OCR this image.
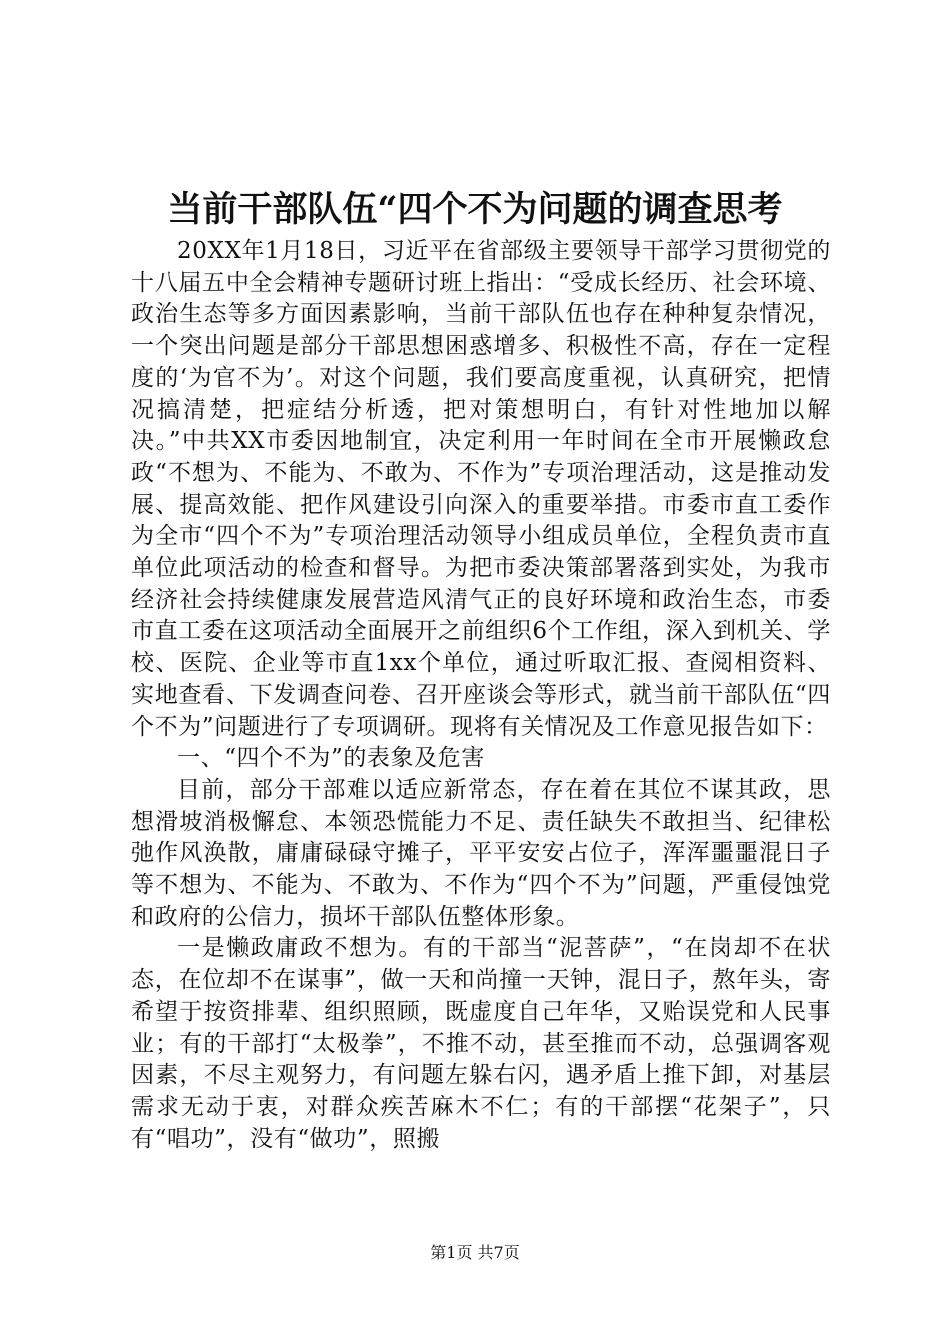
当前干部队伍“四个不为问题的调查思考

20XX年1月18日，习近平在省部级主要领导干部学习贯彻党的十八届五中全会精神专题研讨班上指出：“受成长经历、社会环境、政治生态等多方面因素影响，当前干部队伍也存在种种复杂情况，一个突出问题是部分干部思想困惑增多、积极性不高，存在一定程度的‘为官不为’。对这个问题，我们要高度重视，认真研究，把情况搞清楚，把症结分析透，把对策想明白，有针对性地加以解决。”中共XX市委因地制宜，决定利用一年时间在全市开展懒政怠政“不想为、不能为、不敢为、不作为”专项治理活动，这是推动发展、提高效能、把作风建设引向深入的重要举措。市委市直工委作为全市“四个不为”专项治理活动领导小组成员单位，全程负责市直单位此项活动的检查和督导。为把市委决策部署落到实处，为我市经济社会持续健康发展营造风清气正的良好环境和政治生态，市委市直工委在这项活动全面展开之前组织6个工作组，深入到机关、学校、医院、企业等市直1xx个单位，通过听取汇报、查阅相资料、实地查看、下发调查问卷、召开座谈会等形式，就当前干部队伍“四个不为”问题进行了专项调研。现将有关情况及工作意见报告如下：

一、“四个不为”的表象及危害

目前，部分干部难以适应新常态，存在着在其位不谋其政，思想滑坡消极懈怠、本领恐慌能力不足、责任缺失不敢担当、纪律松弛作风涣散，庸庸碌碌守摊子，平平安安占位子，浑浑噩噩混日子等不想为、不能为、不敢为、不作为“四个不为”问题，严重侵蚀党和政府的公信力，损坏干部队伍整体形象。

一是懒政庸政不想为。有的干部当“泥菩萨”，“在岗却不在状态，在位却不在谋事”，做一天和尚撞一天钟，混日子，熬年头，寄希望于按资排辈、组织照顾，既虚度自己年华，又贻误党和人民事业；有的干部打“太极拳”，不推不动，甚至推而不动，总强调客观因素，不尽主观努力，有问题左躲右闪，遇矛盾上推下卸，对基层需求无动于衷，对群众疾苦麻木不仁；有的干部摆“花架子”，只有“唱功”，没有“做功”，照搬

第1页 共7页
